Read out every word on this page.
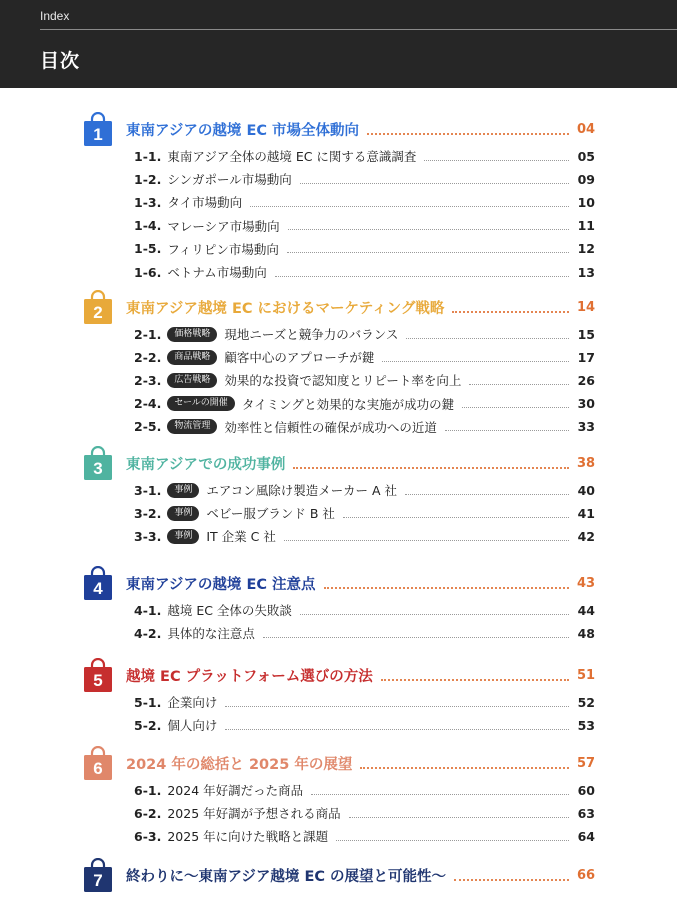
Index
目次
1 東南アジアの越境 EC 市場全体動向	04
1-1. 東南アジア全体の越境 EC に関する意識調査	05
1-2. シンガポール市場動向	09
1-3. タイ市場動向	10
1-4. マレーシア市場動向	11
1-5. フィリピン市場動向	12
1-6. ベトナム市場動向	13
2 東南アジア越境 EC におけるマーケティング戦略	14
2-1.	価格戦略	現地ニーズと競争力のバランス	15
2-2.	商品戦略	顧客中心のアプローチが鍵	17
2-3.	広告戦略	効果的な投資で認知度とリピート率を向上	26
2-4.	セールの開催	タイミングと効果的な実施が成功の鍵	30
2-5.	物流管理	効率性と信頼性の確保が成功への近道	33
3 東南アジアでの成功事例	38
3-1.	事例	エアコン風除け製造メーカー A 社	40
3-2.	事例	ベビー服ブランド B 社	41
3-3.	事例	IT 企業 C 社	42
4 東南アジアの越境 EC 注意点	43
4-1. 越境 EC 全体の失敗談	44
4-2. 具体的な注意点	48
5 越境 EC プラットフォーム選びの方法	51
5-1. 企業向け	52
5-2. 個人向け	53
6 2024 年の総括と 2025 年の展望	57
6-1. 2024 年好調だった商品	60
6-2. 2025 年好調が予想される商品	63
6-3. 2025 年に向けた戦略と課題	64
7 終わりに〜東南アジア越境 EC の展望と可能性〜	66
